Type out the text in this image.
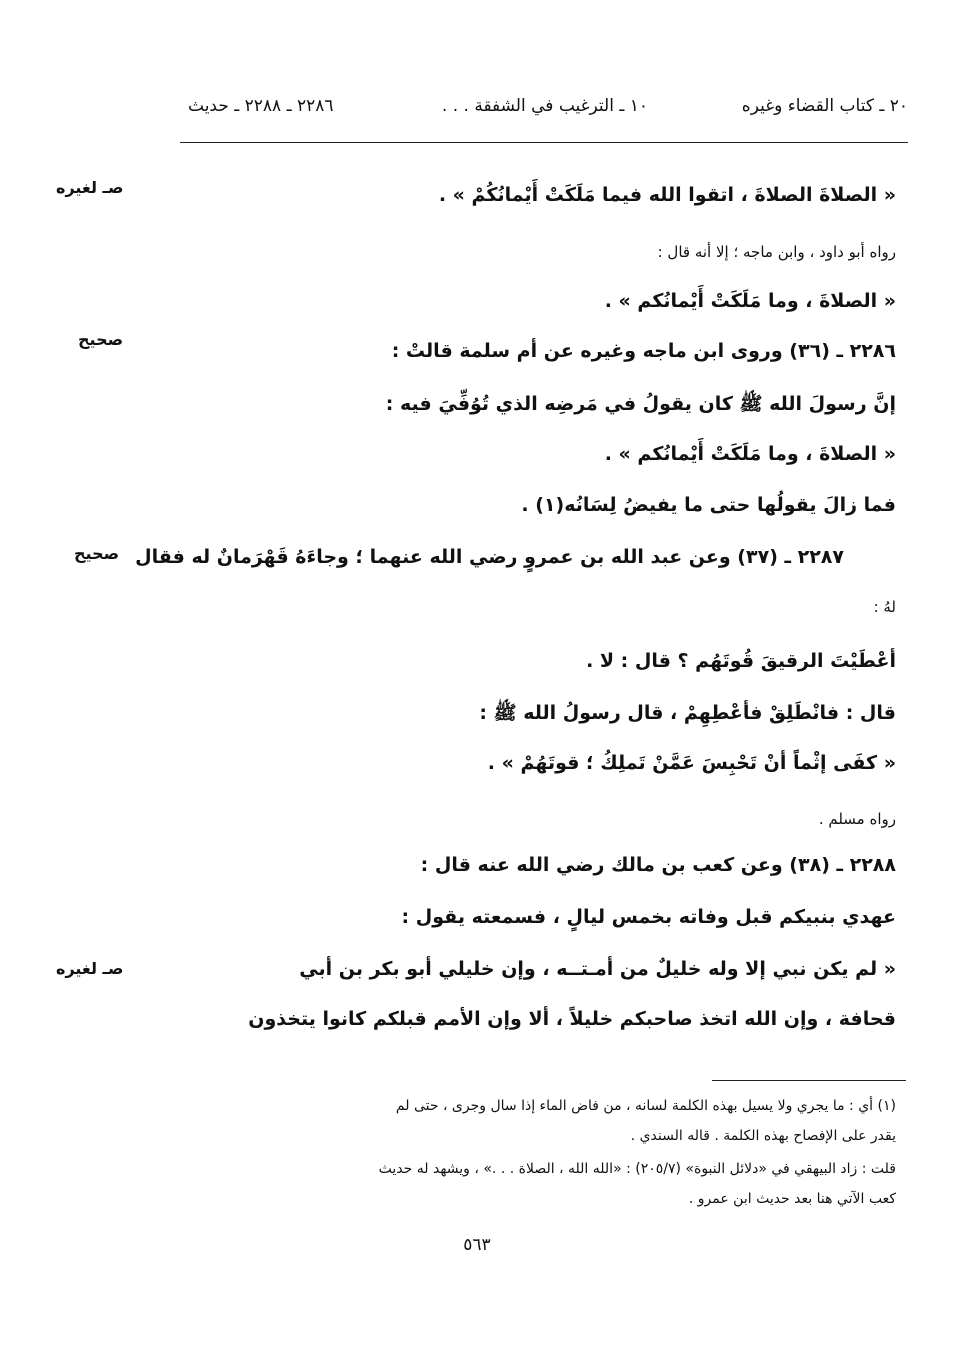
٢٠ ـ كتاب القضاء وغيره
١٠ ـ الترغيب في الشفقة . . .
٢٢٨٦ ـ ٢٢٨٨ ـ حديث
صـ لغيره
صحيح
صحيح
صـ لغيره
« الصلاةَ الصلاةَ ، اتقوا الله فيما مَلَكَتْ أَيْمانُكُمْ » .
رواه أبو داود ، وابن ماجه ؛ إلا أنه قال :
« الصلاةَ ، وما مَلَكَتْ أَيْمانُكم » .
٢٢٨٦ ـ (٣٦) وروى ابن ماجه وغيره عن أم سلمة قالتْ :
إنَّ رسولَ الله ﷺ كان يقولُ في مَرضِه الذي تُوُفِّيَ فيه :
« الصلاةَ ، وما مَلَكَتْ أَيْمانُكم » .
فما زالَ يقولُها حتى ما يفيضُ لِسَانُه(١) .
٢٢٨٧ ـ (٣٧) وعن عبد الله بن عمروٍ رضي الله عنهما ؛ وجاءَهُ قَهْرَمانٌ له فقال
لهُ :
أعْطَيْتَ الرقيقَ قُوتَهُم ؟ قال : لا .
قال : فانْطَلِقْ فأعْطِهِمْ ، قال رسولُ الله ﷺ :
« كفَى إثْماً أنْ تَحْبِسَ عَمَّنْ تَملِكُ ؛ قوتَهُمْ » .
رواه مسلم .
٢٢٨٨ ـ (٣٨) وعن كعب بن مالك رضي الله عنه قال :
عهدي بنبيكم قبل وفاته بخمس ليالٍ ، فسمعته يقول :
« لم يكن نبي إلا وله خليلٌ من أمـتــه ، وإن خليلي أبو بكر بن أبي
قحافة ، وإن الله اتخذ صاحبكم خليلاً ، ألا وإن الأمم قبلكم كانوا يتخذون
(١) أي : ما يجري ولا يسيل بهذه الكلمة لسانه ، من فاض الماء إذا سال وجرى ، حتى لم
يقدر على الإفصاح بهذه الكلمة . قاله السندي .
قلت : زاد البيهقي في «دلائل النبوة» (٢٠٥/٧) : «الله الله ، الصلاة . . .» ، ويشهد له حديث
كعب الآتي هنا بعد حديث ابن عمرو .
٥٦٣
